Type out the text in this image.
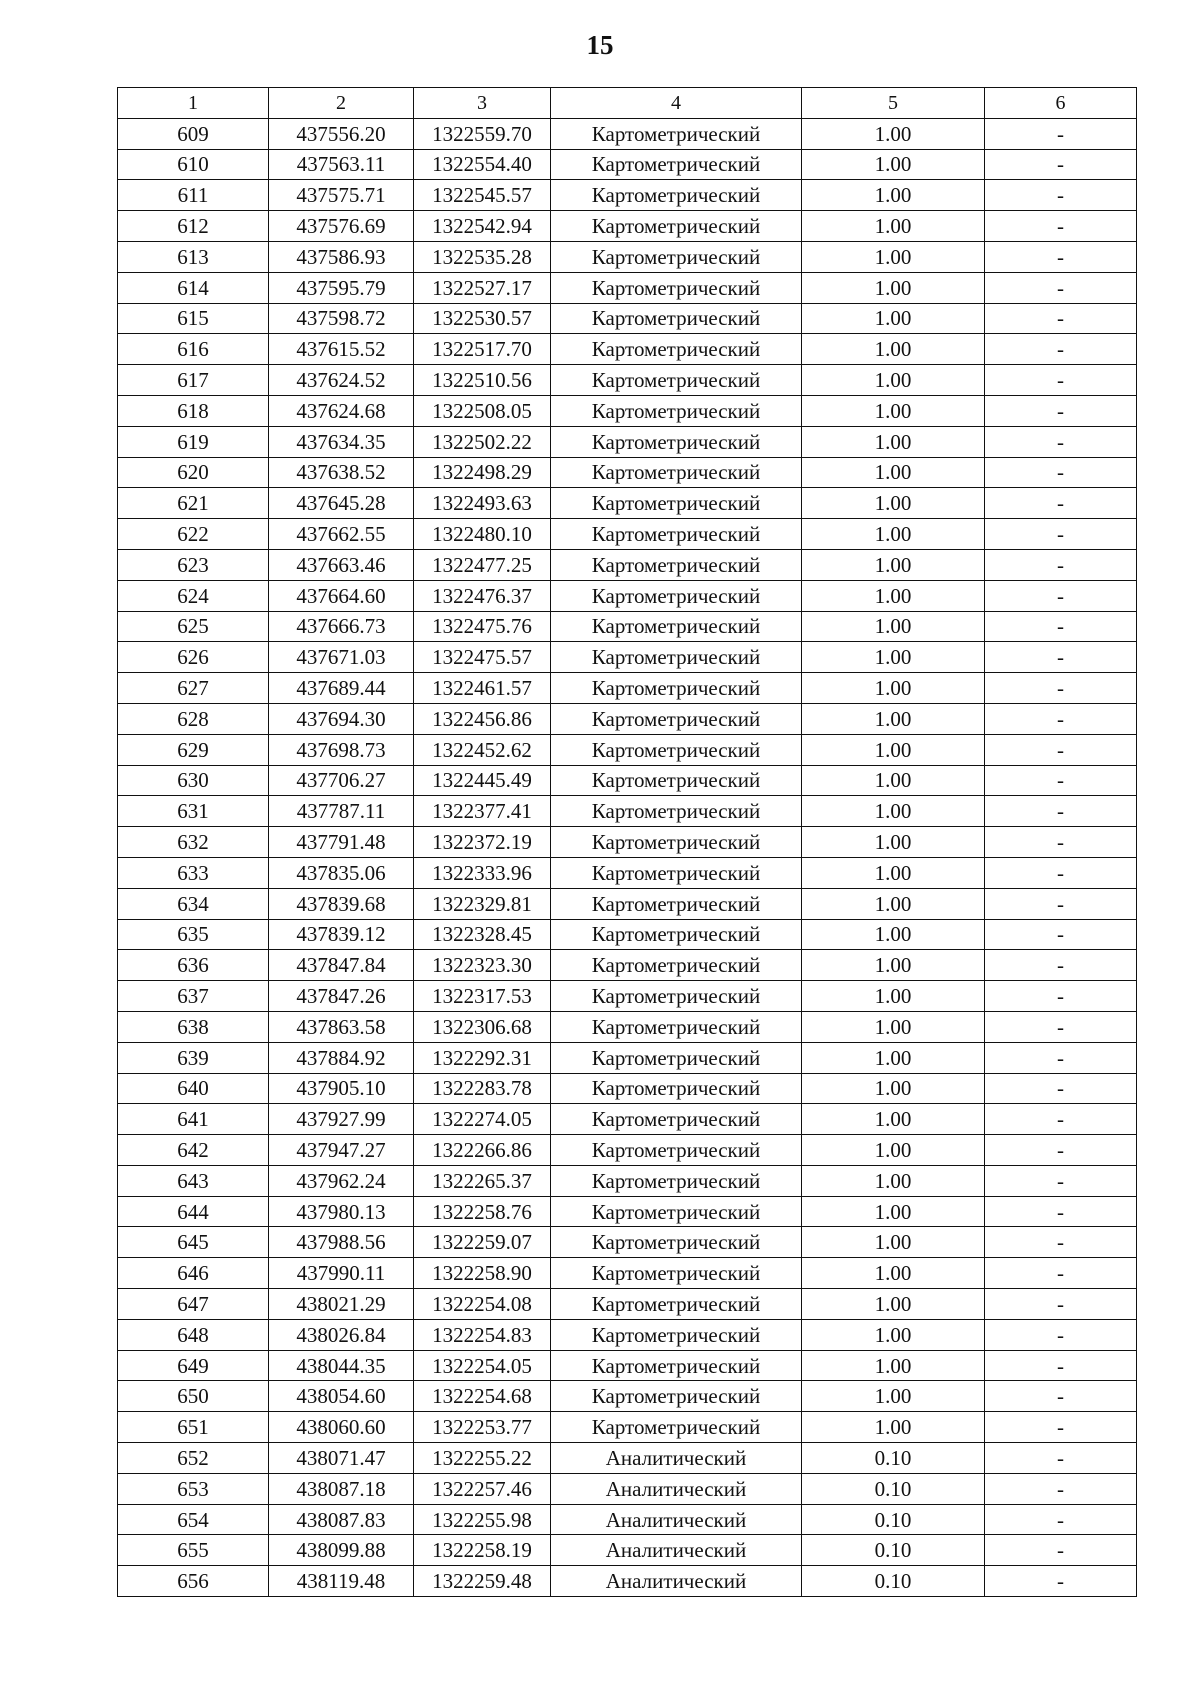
15
1	2	3	4	5	6
609	437556.20	1322559.70	Картометрический	1.00	-
610	437563.11	1322554.40	Картометрический	1.00	-
611	437575.71	1322545.57	Картометрический	1.00	-
612	437576.69	1322542.94	Картометрический	1.00	-
613	437586.93	1322535.28	Картометрический	1.00	-
614	437595.79	1322527.17	Картометрический	1.00	-
615	437598.72	1322530.57	Картометрический	1.00	-
616	437615.52	1322517.70	Картометрический	1.00	-
617	437624.52	1322510.56	Картометрический	1.00	-
618	437624.68	1322508.05	Картометрический	1.00	-
619	437634.35	1322502.22	Картометрический	1.00	-
620	437638.52	1322498.29	Картометрический	1.00	-
621	437645.28	1322493.63	Картометрический	1.00	-
622	437662.55	1322480.10	Картометрический	1.00	-
623	437663.46	1322477.25	Картометрический	1.00	-
624	437664.60	1322476.37	Картометрический	1.00	-
625	437666.73	1322475.76	Картометрический	1.00	-
626	437671.03	1322475.57	Картометрический	1.00	-
627	437689.44	1322461.57	Картометрический	1.00	-
628	437694.30	1322456.86	Картометрический	1.00	-
629	437698.73	1322452.62	Картометрический	1.00	-
630	437706.27	1322445.49	Картометрический	1.00	-
631	437787.11	1322377.41	Картометрический	1.00	-
632	437791.48	1322372.19	Картометрический	1.00	-
633	437835.06	1322333.96	Картометрический	1.00	-
634	437839.68	1322329.81	Картометрический	1.00	-
635	437839.12	1322328.45	Картометрический	1.00	-
636	437847.84	1322323.30	Картометрический	1.00	-
637	437847.26	1322317.53	Картометрический	1.00	-
638	437863.58	1322306.68	Картометрический	1.00	-
639	437884.92	1322292.31	Картометрический	1.00	-
640	437905.10	1322283.78	Картометрический	1.00	-
641	437927.99	1322274.05	Картометрический	1.00	-
642	437947.27	1322266.86	Картометрический	1.00	-
643	437962.24	1322265.37	Картометрический	1.00	-
644	437980.13	1322258.76	Картометрический	1.00	-
645	437988.56	1322259.07	Картометрический	1.00	-
646	437990.11	1322258.90	Картометрический	1.00	-
647	438021.29	1322254.08	Картометрический	1.00	-
648	438026.84	1322254.83	Картометрический	1.00	-
649	438044.35	1322254.05	Картометрический	1.00	-
650	438054.60	1322254.68	Картометрический	1.00	-
651	438060.60	1322253.77	Картометрический	1.00	-
652	438071.47	1322255.22	Аналитический	0.10	-
653	438087.18	1322257.46	Аналитический	0.10	-
654	438087.83	1322255.98	Аналитический	0.10	-
655	438099.88	1322258.19	Аналитический	0.10	-
656	438119.48	1322259.48	Аналитический	0.10	-
